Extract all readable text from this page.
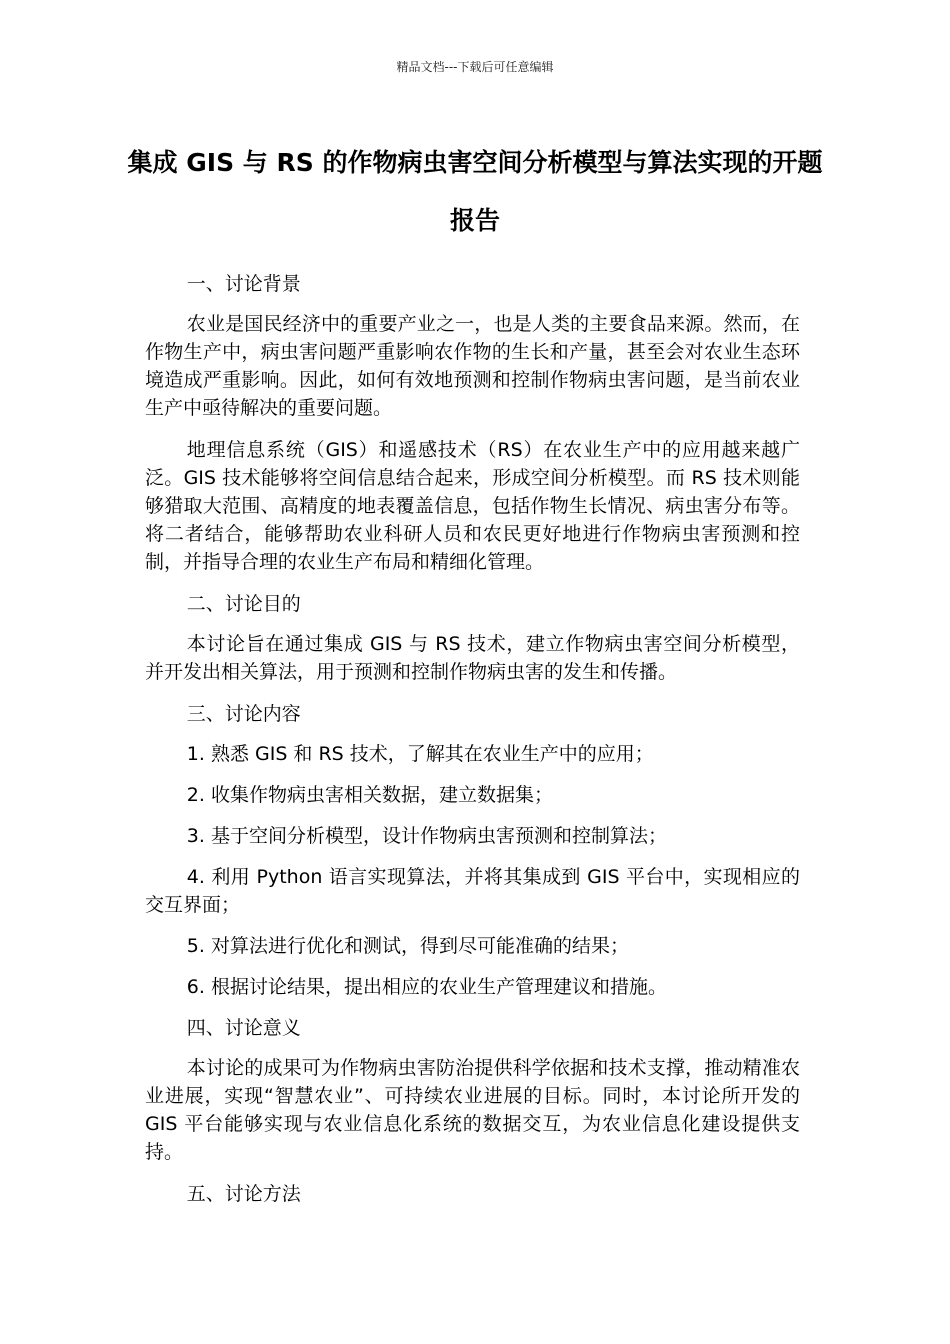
精品文档---下载后可任意编辑
集成 GIS 与 RS 的作物病虫害空间分析模型与算法实现的开题报告

一、讨论背景

农业是国民经济中的重要产业之一，也是人类的主要食品来源。然而，在作物生产中，病虫害问题严重影响农作物的生长和产量，甚至会对农业生态环境造成严重影响。因此，如何有效地预测和控制作物病虫害问题，是当前农业生产中亟待解决的重要问题。

地理信息系统（GIS）和遥感技术（RS）在农业生产中的应用越来越广泛。GIS 技术能够将空间信息结合起来，形成空间分析模型。而 RS 技术则能够猎取大范围、高精度的地表覆盖信息，包括作物生长情况、病虫害分布等。将二者结合，能够帮助农业科研人员和农民更好地进行作物病虫害预测和控制，并指导合理的农业生产布局和精细化管理。

二、讨论目的

本讨论旨在通过集成 GIS 与 RS 技术，建立作物病虫害空间分析模型，并开发出相关算法，用于预测和控制作物病虫害的发生和传播。

三、讨论内容

1. 熟悉 GIS 和 RS 技术，了解其在农业生产中的应用；

2. 收集作物病虫害相关数据，建立数据集；

3. 基于空间分析模型，设计作物病虫害预测和控制算法；

4. 利用 Python 语言实现算法，并将其集成到 GIS 平台中，实现相应的交互界面；

5. 对算法进行优化和测试，得到尽可能准确的结果；

6. 根据讨论结果，提出相应的农业生产管理建议和措施。

四、讨论意义

本讨论的成果可为作物病虫害防治提供科学依据和技术支撑，推动精准农业进展，实现“智慧农业”、可持续农业进展的目标。同时，本讨论所开发的 GIS 平台能够实现与农业信息化系统的数据交互，为农业信息化建设提供支持。

五、讨论方法
